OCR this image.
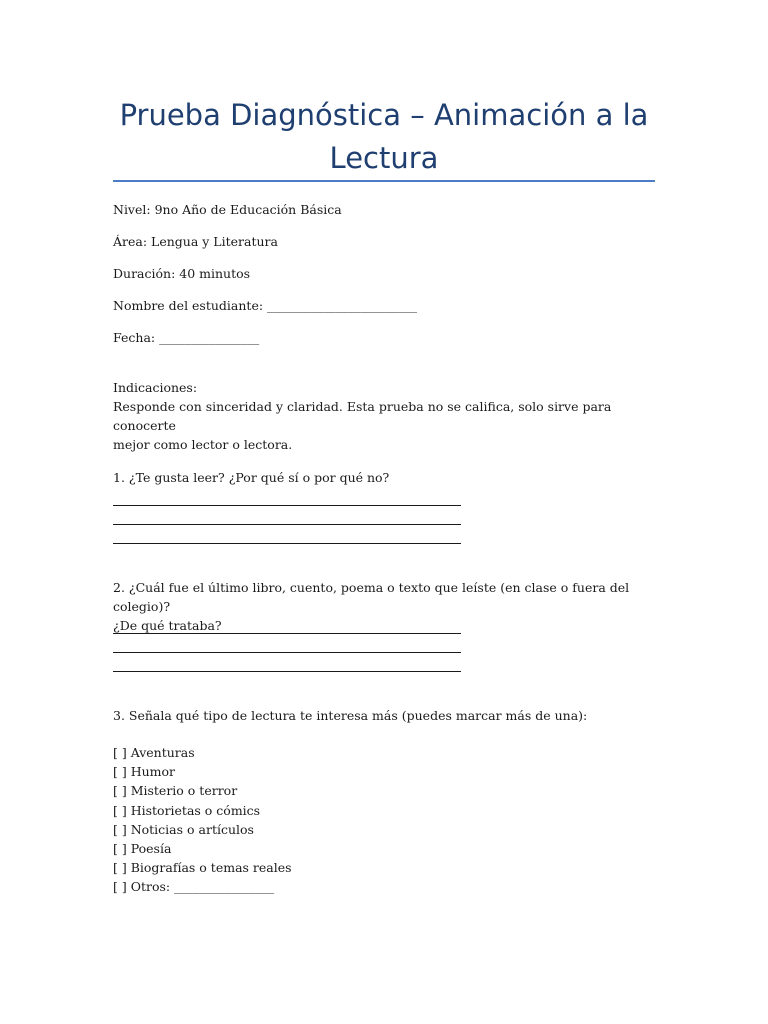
Prueba Diagnóstica – Animación a la
Lectura
Nivel: 9no Año de Educación Básica
Área: Lengua y Literatura
Duración: 40 minutos
Nombre del estudiante: ________________________
Fecha: ________________
Indicaciones:
Responde con sinceridad y claridad. Esta prueba no se califica, solo sirve para conocerte
mejor como lector o lectora.
1. ¿Te gusta leer? ¿Por qué sí o por qué no?
2. ¿Cuál fue el último libro, cuento, poema o texto que leíste (en clase o fuera del colegio)?
¿De qué trataba?
3. Señala qué tipo de lectura te interesa más (puedes marcar más de una):
[ ] Aventuras
[ ] Humor
[ ] Misterio o terror
[ ] Historietas o cómics
[ ] Noticias o artículos
[ ] Poesía
[ ] Biografías o temas reales
[ ] Otros: ________________
